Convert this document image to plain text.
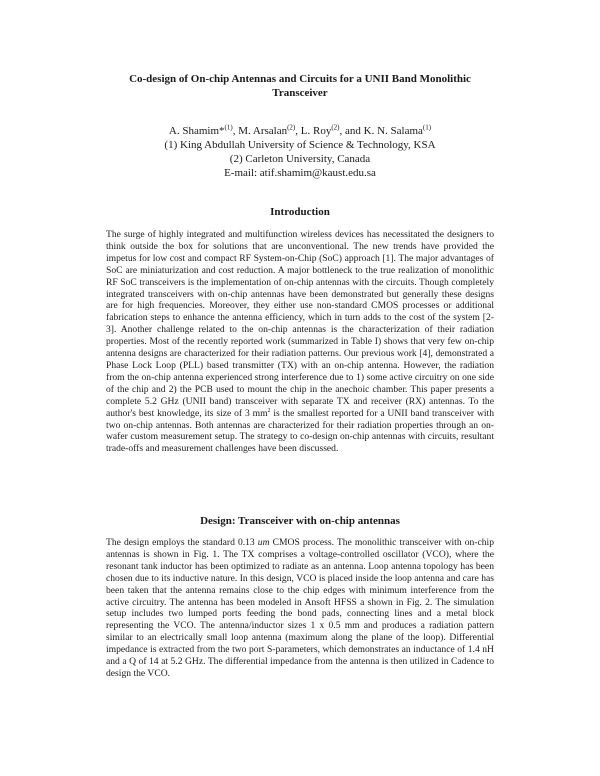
Co-design of On-chip Antennas and Circuits for a UNII Band Monolithic
Transceiver
A. Shamim*$^{(1)}$, M. Arsalan$^{(2)}$, L. Roy$^{(2)}$, and K. N. Salama$^{(1)}$
(1) King Abdullah University of Science & Technology, KSA
(2) Carleton University, Canada
E-mail: atif.shamim@kaust.edu.sa
Introduction

The surge of highly integrated and multifunction wireless devices has necessitated the designers to think outside the box for solutions that are unconventional. The new trends have provided the impetus for low cost and compact RF System-on-Chip (SoC) approach [1]. The major advantages of SoC are miniaturization and cost reduction. A major bottleneck to the true realization of monolithic RF SoC transceivers is the implementation of on-chip antennas with the circuits. Though completely integrated transceivers with on-chip antennas have been demonstrated but generally these designs are for high frequencies. Moreover, they either use non-standard CMOS processes or additional fabrication steps to enhance the antenna efficiency, which in turn adds to the cost of the system [2-3]. Another challenge related to the on-chip antennas is the characterization of their radiation properties. Most of the recently reported work (summarized in Table I) shows that very few on-chip antenna designs are characterized for their radiation patterns. Our previous work [4], demonstrated a Phase Lock Loop (PLL) based transmitter (TX) with an on-chip antenna. However, the radiation from the on-chip antenna experienced strong interference due to 1) some active circuitry on one side of the chip and 2) the PCB used to mount the chip in the anechoic chamber. This paper presents a complete 5.2 GHz (UNII band) transceiver with separate TX and receiver (RX) antennas. To the author's best knowledge, its size of 3 $mm^2$ is the smallest reported for a UNII band transceiver with two on-chip antennas. Both antennas are characterized for their radiation properties through an on-wafer custom measurement setup. The strategy to co-design on-chip antennas with circuits, resultant trade-offs and measurement challenges have been discussed.

Design: Transceiver with on-chip antennas

The design employs the standard 0.13 um CMOS process. The monolithic transceiver with on-chip antennas is shown in Fig. 1. The TX comprises a voltage-controlled oscillator (VCO), where the resonant tank inductor has been optimized to radiate as an antenna. Loop antenna topology has been chosen due to its inductive nature. In this design, VCO is placed inside the loop antenna and care has been taken that the antenna remains close to the chip edges with minimum interference from the active circuitry. The antenna has been modeled in Ansoft HFSS a shown in Fig. 2. The simulation setup includes two lumped ports feeding the bond pads, connecting lines and a metal block representing the VCO. The antenna/inductor sizes 1 x 0.5 mm and produces a radiation pattern similar to an electrically small loop antenna (maximum along the plane of the loop). Differential impedance is extracted from the two port S-parameters, which demonstrates an inductance of 1.4 nH and a Q of 14 at 5.2 GHz. The differential impedance from the antenna is then utilized in Cadence to design the VCO.
